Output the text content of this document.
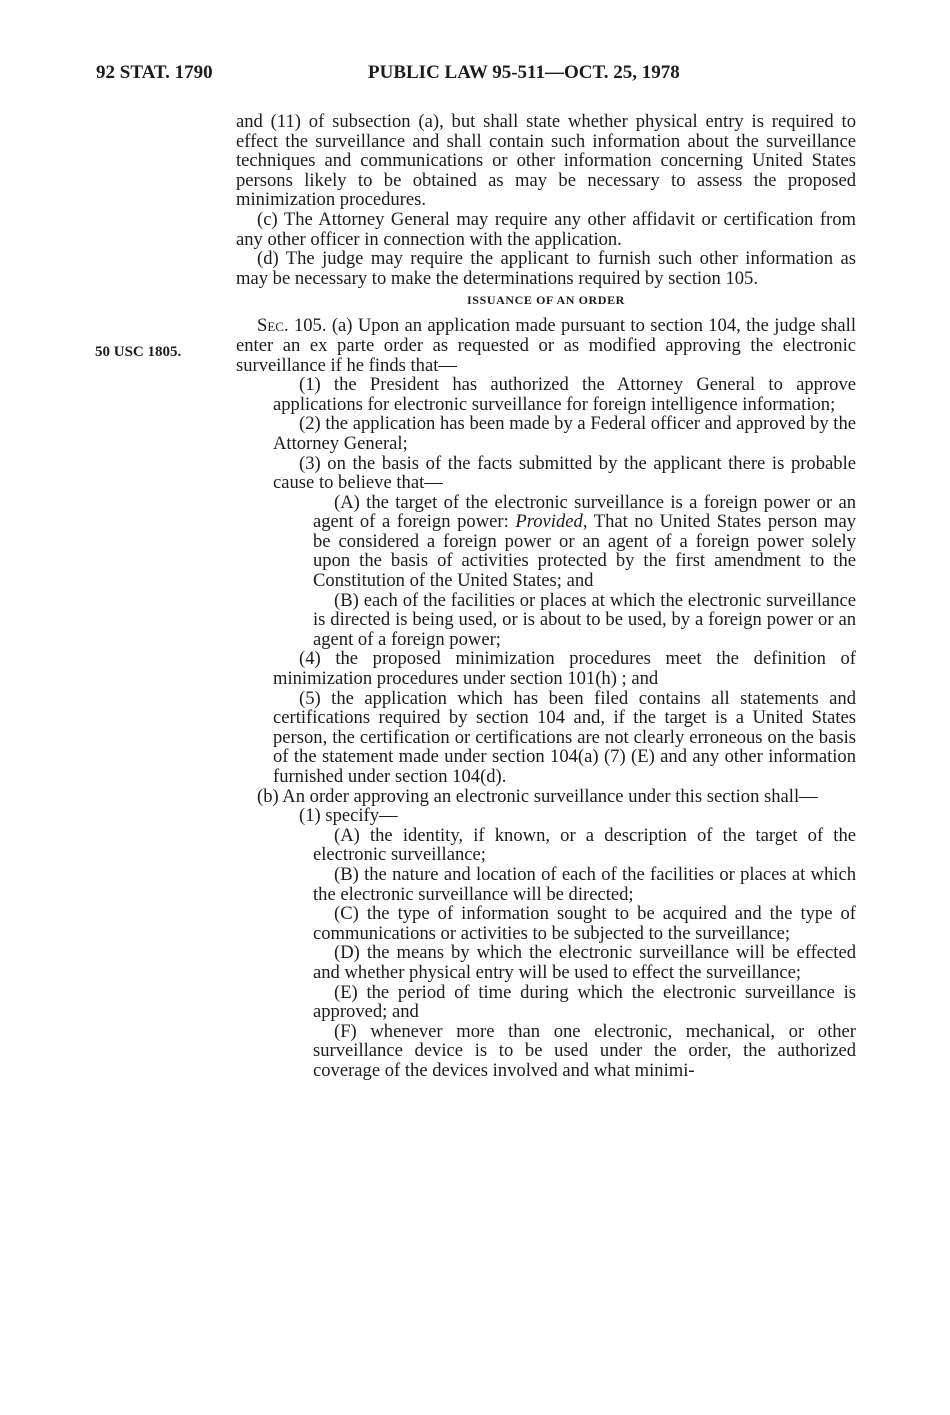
92 STAT. 1790	PUBLIC LAW 95-511—OCT. 25, 1978
50 USC 1805.

and (11) of subsection (a), but shall state whether physical entry is required to effect the surveillance and shall contain such information about the surveillance techniques and communications or other information concerning United States persons likely to be obtained as may be necessary to assess the proposed minimization procedures.

(c) The Attorney General may require any other affidavit or certification from any other officer in connection with the application.

(d) The judge may require the applicant to furnish such other information as may be necessary to make the determinations required by section 105.

ISSUANCE OF AN ORDER

Sec. 105. (a) Upon an application made pursuant to section 104, the judge shall enter an ex parte order as requested or as modified approving the electronic surveillance if he finds that—

(1) the President has authorized the Attorney General to approve applications for electronic surveillance for foreign intelligence information;

(2) the application has been made by a Federal officer and approved by the Attorney General;

(3) on the basis of the facts submitted by the applicant there is probable cause to believe that—

(A) the target of the electronic surveillance is a foreign power or an agent of a foreign power: Provided, That no United States person may be considered a foreign power or an agent of a foreign power solely upon the basis of activities protected by the first amendment to the Constitution of the United States; and

(B) each of the facilities or places at which the electronic surveillance is directed is being used, or is about to be used, by a foreign power or an agent of a foreign power;

(4) the proposed minimization procedures meet the definition of minimization procedures under section 101(h) ; and

(5) the application which has been filed contains all statements and certifications required by section 104 and, if the target is a United States person, the certification or certifications are not clearly erroneous on the basis of the statement made under section 104(a) (7) (E) and any other information furnished under section 104(d).

(b) An order approving an electronic surveillance under this section shall—

(1) specify—

(A) the identity, if known, or a description of the target of the electronic surveillance;

(B) the nature and location of each of the facilities or places at which the electronic surveillance will be directed;

(C) the type of information sought to be acquired and the type of communications or activities to be subjected to the surveillance;

(D) the means by which the electronic surveillance will be effected and whether physical entry will be used to effect the surveillance;

(E) the period of time during which the electronic surveillance is approved; and

(F) whenever more than one electronic, mechanical, or other surveillance device is to be used under the order, the authorized coverage of the devices involved and what minimi-
